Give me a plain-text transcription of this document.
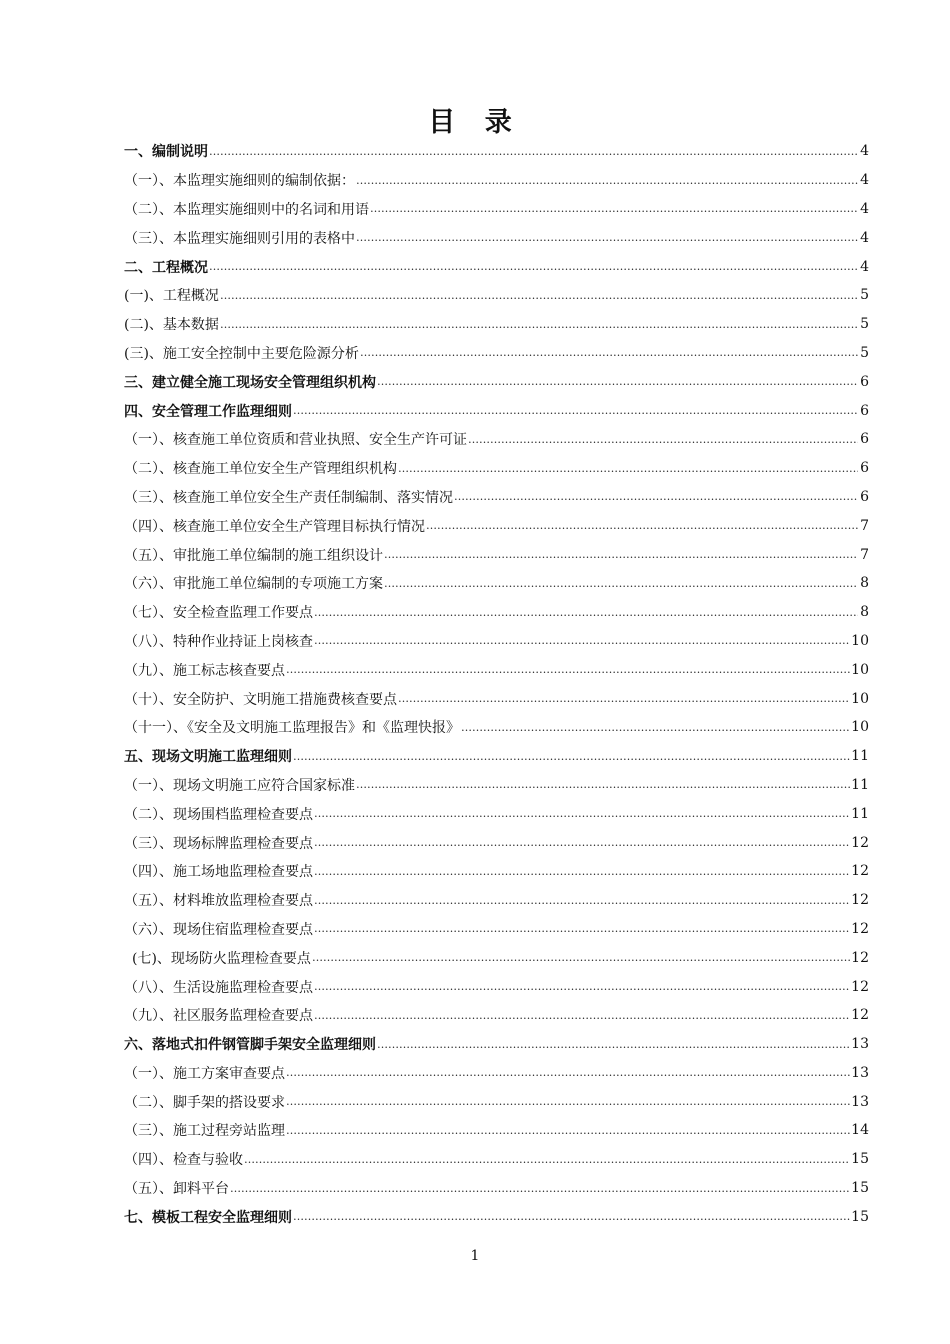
目 录
一、编制说明 ……………………………………………………………………………………………………………………………………………………………………………………………………………………………………………………………………	4
（一）、本监理实施细则的编制依据： ……………………………………………………………………………………………………………………………………………………………………………………………………………………………………………………………………	4
（二）、本监理实施细则中的名词和用语 ……………………………………………………………………………………………………………………………………………………………………………………………………………………………………………………………………	4
（三）、本监理实施细则引用的表格中 ……………………………………………………………………………………………………………………………………………………………………………………………………………………………………………………………………	4
二、工程概况 ……………………………………………………………………………………………………………………………………………………………………………………………………………………………………………………………………	4
(一)、工程概况 ……………………………………………………………………………………………………………………………………………………………………………………………………………………………………………………………………	5
(二)、基本数据 ……………………………………………………………………………………………………………………………………………………………………………………………………………………………………………………………………	5
(三)、施工安全控制中主要危险源分析 ……………………………………………………………………………………………………………………………………………………………………………………………………………………………………………………………………	5
三、建立健全施工现场安全管理组织机构 ……………………………………………………………………………………………………………………………………………………………………………………………………………………………………………………………………	6
四、安全管理工作监理细则 ……………………………………………………………………………………………………………………………………………………………………………………………………………………………………………………………………	6
（一）、核查施工单位资质和营业执照、安全生产许可证 ……………………………………………………………………………………………………………………………………………………………………………………………………………………………………………………………………	6
（二）、核查施工单位安全生产管理组织机构 ……………………………………………………………………………………………………………………………………………………………………………………………………………………………………………………………………	6
（三）、核查施工单位安全生产责任制编制、落实情况 ……………………………………………………………………………………………………………………………………………………………………………………………………………………………………………………………………	6
（四）、核查施工单位安全生产管理目标执行情况 ……………………………………………………………………………………………………………………………………………………………………………………………………………………………………………………………………	7
（五）、审批施工单位编制的施工组织设计 ……………………………………………………………………………………………………………………………………………………………………………………………………………………………………………………………………	7
（六）、审批施工单位编制的专项施工方案 ……………………………………………………………………………………………………………………………………………………………………………………………………………………………………………………………………	8
（七）、安全检查监理工作要点 ……………………………………………………………………………………………………………………………………………………………………………………………………………………………………………………………………	8
（八）、特种作业持证上岗核查 ……………………………………………………………………………………………………………………………………………………………………………………………………………………………………………………………………	10
（九）、施工标志核查要点 ……………………………………………………………………………………………………………………………………………………………………………………………………………………………………………………………………	10
（十）、安全防护、文明施工措施费核查要点 ……………………………………………………………………………………………………………………………………………………………………………………………………………………………………………………………………	10
（十一）、《安全及文明施工监理报告》和《监理快报》 ……………………………………………………………………………………………………………………………………………………………………………………………………………………………………………………………………	10
五、现场文明施工监理细则 ……………………………………………………………………………………………………………………………………………………………………………………………………………………………………………………………………	11
（一）、现场文明施工应符合国家标准 ……………………………………………………………………………………………………………………………………………………………………………………………………………………………………………………………………	11
（二）、现场围档监理检查要点 ……………………………………………………………………………………………………………………………………………………………………………………………………………………………………………………………………	11
（三）、现场标牌监理检查要点 ……………………………………………………………………………………………………………………………………………………………………………………………………………………………………………………………………	12
（四）、施工场地监理检查要点 ……………………………………………………………………………………………………………………………………………………………………………………………………………………………………………………………………	12
（五）、材料堆放监理检查要点 ……………………………………………………………………………………………………………………………………………………………………………………………………………………………………………………………………	12
（六）、现场住宿监理检查要点 ……………………………………………………………………………………………………………………………………………………………………………………………………………………………………………………………………	12
(七)、现场防火监理检查要点 ……………………………………………………………………………………………………………………………………………………………………………………………………………………………………………………………………	12
（八）、生活设施监理检查要点 ……………………………………………………………………………………………………………………………………………………………………………………………………………………………………………………………………	12
（九）、社区服务监理检查要点 ……………………………………………………………………………………………………………………………………………………………………………………………………………………………………………………………………	12
六、落地式扣件钢管脚手架安全监理细则 ……………………………………………………………………………………………………………………………………………………………………………………………………………………………………………………………………	13
（一）、施工方案审查要点 ……………………………………………………………………………………………………………………………………………………………………………………………………………………………………………………………………	13
（二）、脚手架的搭设要求 ……………………………………………………………………………………………………………………………………………………………………………………………………………………………………………………………………	13
（三）、施工过程旁站监理 ……………………………………………………………………………………………………………………………………………………………………………………………………………………………………………………………………	14
（四）、检查与验收 ……………………………………………………………………………………………………………………………………………………………………………………………………………………………………………………………………	15
（五）、卸料平台 ……………………………………………………………………………………………………………………………………………………………………………………………………………………………………………………………………	15
七、模板工程安全监理细则 ……………………………………………………………………………………………………………………………………………………………………………………………………………………………………………………………………	15
1
